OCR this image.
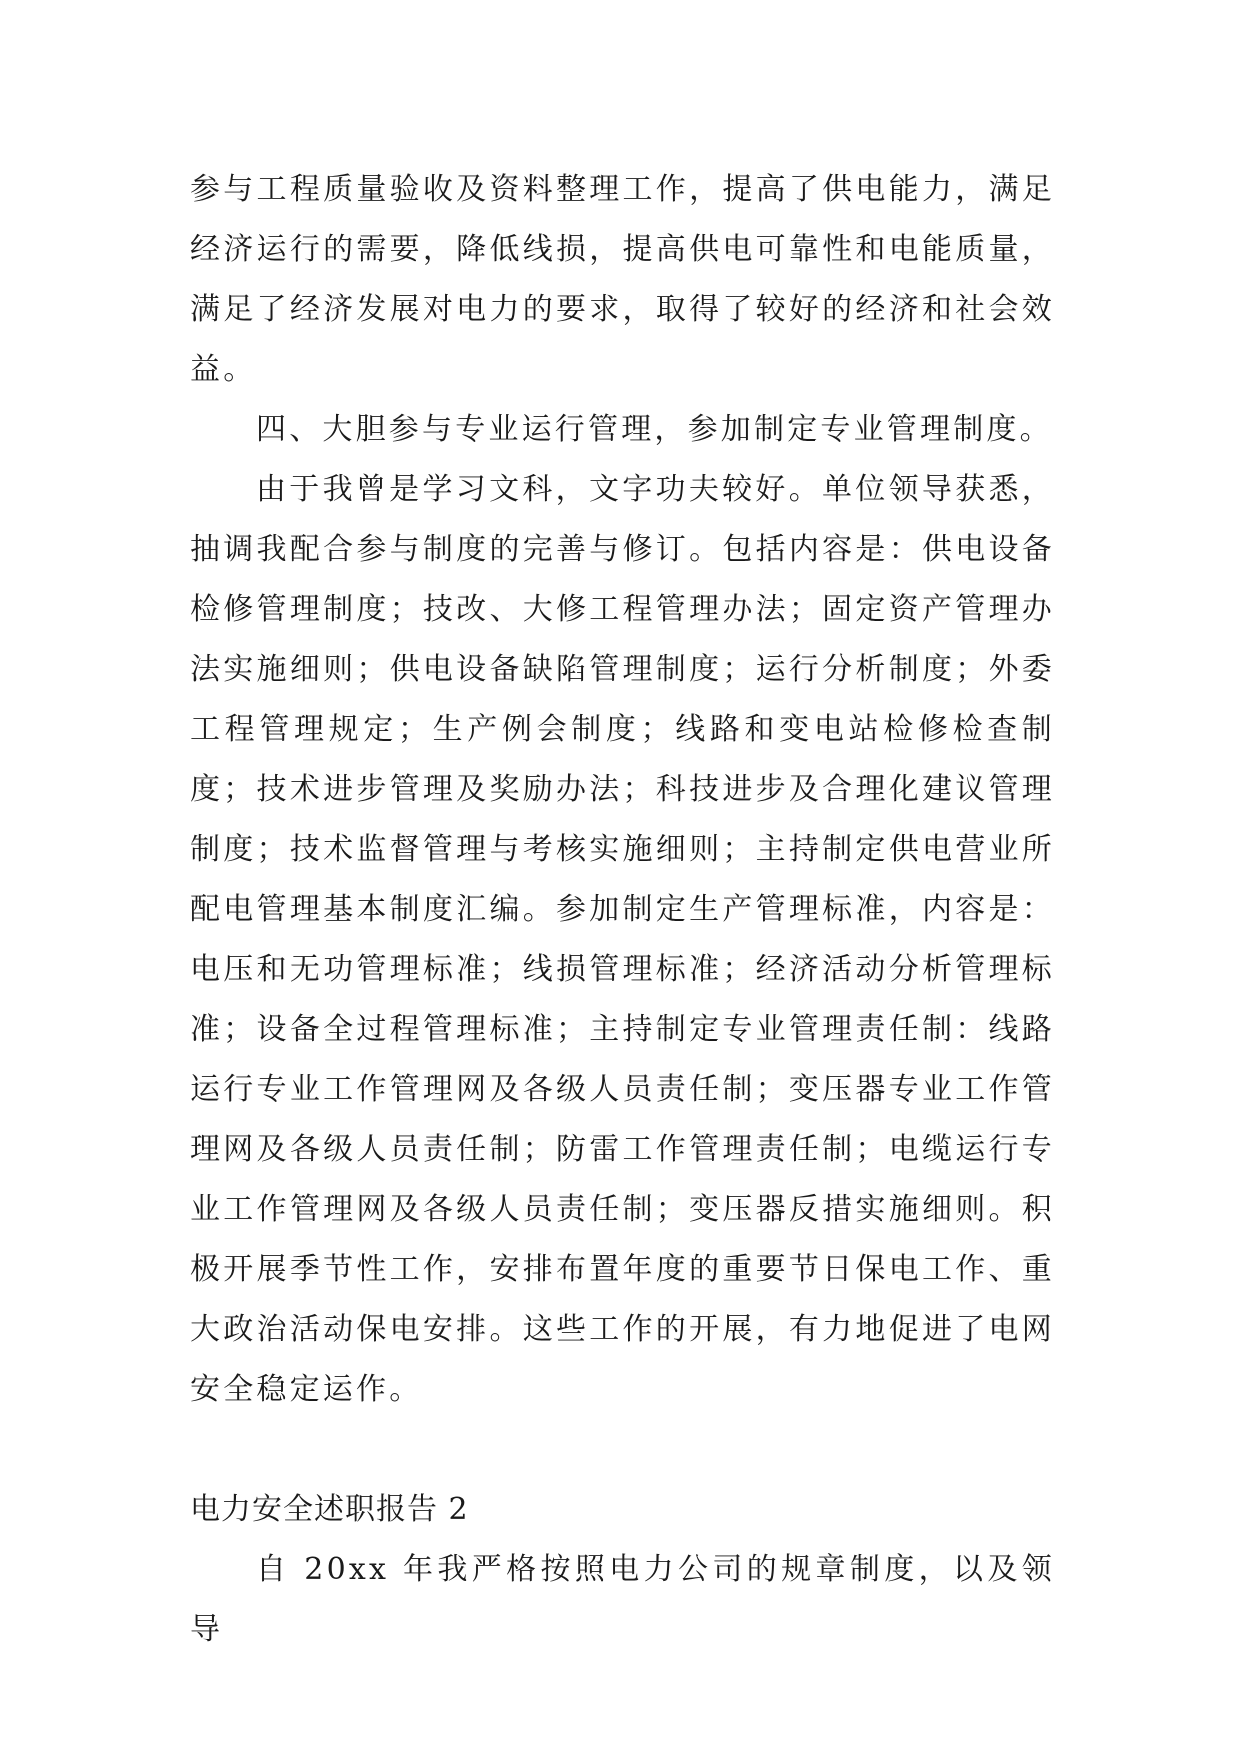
参与工程质量验收及资料整理工作，提高了供电能力，满足经济运行的需要，降低线损，提高供电可靠性和电能质量，满足了经济发展对电力的要求，取得了较好的经济和社会效益。

四、大胆参与专业运行管理，参加制定专业管理制度。

由于我曾是学习文科，文字功夫较好。单位领导获悉，抽调我配合参与制度的完善与修订。包括内容是：供电设备检修管理制度；技改、大修工程管理办法；固定资产管理办法实施细则；供电设备缺陷管理制度；运行分析制度；外委工程管理规定；生产例会制度；线路和变电站检修检查制度；技术进步管理及奖励办法；科技进步及合理化建议管理制度；技术监督管理与考核实施细则；主持制定供电营业所配电管理基本制度汇编。参加制定生产管理标准，内容是：电压和无功管理标准；线损管理标准；经济活动分析管理标准；设备全过程管理标准；主持制定专业管理责任制：线路运行专业工作管理网及各级人员责任制；变压器专业工作管理网及各级人员责任制；防雷工作管理责任制；电缆运行专业工作管理网及各级人员责任制；变压器反措实施细则。积极开展季节性工作，安排布置年度的重要节日保电工作、重大政治活动保电安排。这些工作的开展，有力地促进了电网安全稳定运作。

电力安全述职报告 2

自 20xx 年我严格按照电力公司的规章制度，以及领导
